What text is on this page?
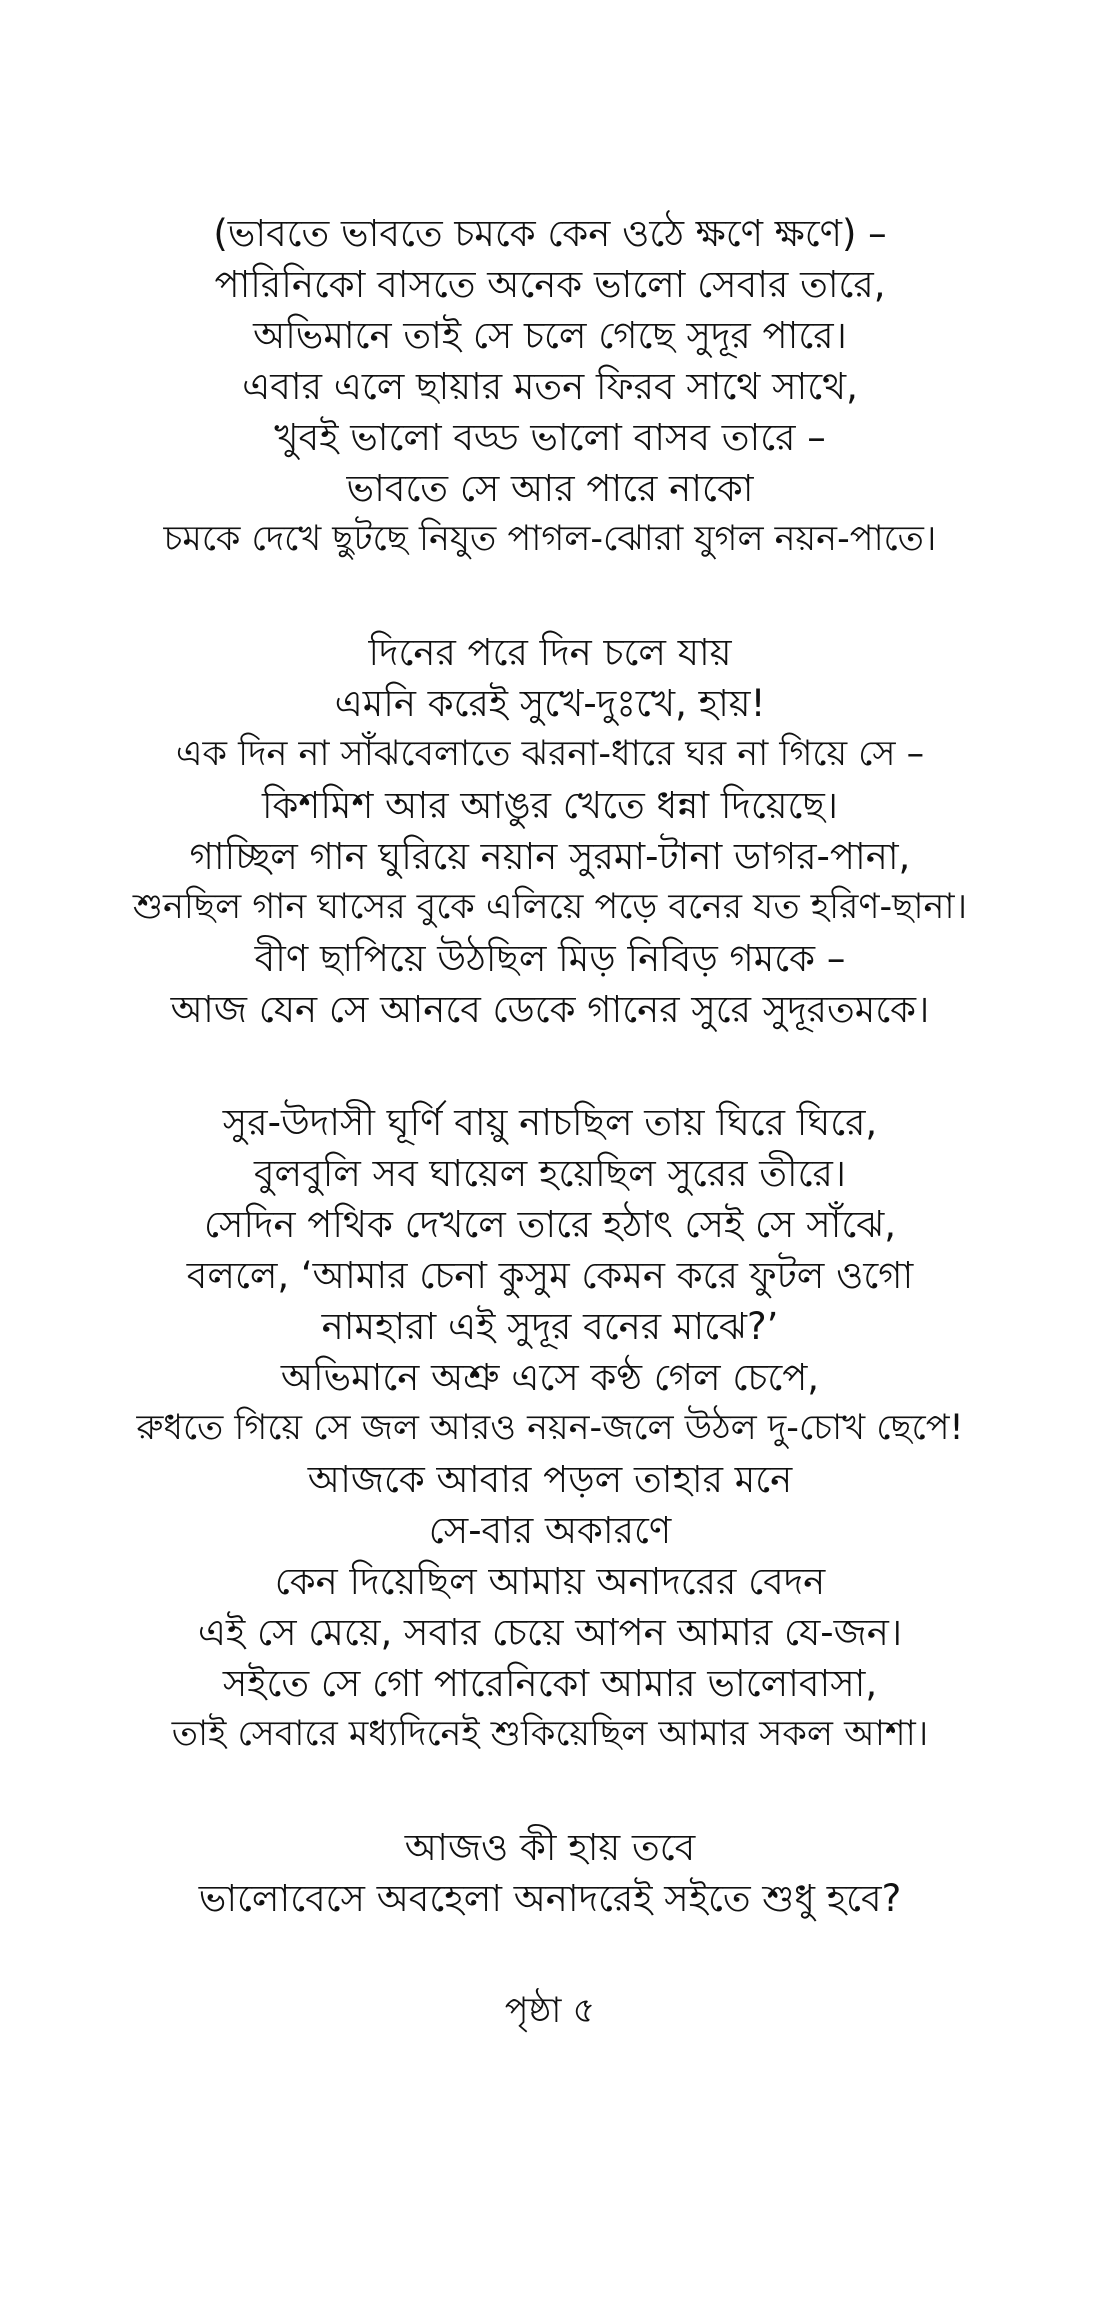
(ভাবতে ভাবতে চমকে কেন ওঠে ক্ষণে ক্ষণে) –
পারিনিকো বাসতে অনেক ভালো সেবার তারে,
অভিমানে তাই সে চলে গেছে সুদূর পারে।
এবার এলে ছায়ার মতন ফিরব সাথে সাথে,
খুবই ভালো বড্ড ভালো বাসব তারে –
ভাবতে সে আর পারে নাকো
চমকে দেখে ছুটছে নিযুত পাগল-ঝোরা যুগল নয়ন-পাতে।
দিনের পরে দিন চলে যায়
এমনি করেই সুখে-দুঃখে, হায়!
এক দিন না সাঁঝবেলাতে ঝরনা-ধারে ঘর না গিয়ে সে –
কিশমিশ আর আঙুর খেতে ধন্না দিয়েছে।
গাচ্ছিল গান ঘুরিয়ে নয়ান সুরমা-টানা ডাগর-পানা,
শুনছিল গান ঘাসের বুকে এলিয়ে পড়ে বনের যত হরিণ-ছানা।
বীণ ছাপিয়ে উঠছিল মিড় নিবিড় গমকে –
আজ যেন সে আনবে ডেকে গানের সুরে সুদূরতমকে।
সুর-উদাসী ঘূর্ণি বায়ু নাচছিল তায় ঘিরে ঘিরে,
বুলবুলি সব ঘায়েল হয়েছিল সুরের তীরে।
সেদিন পথিক দেখলে তারে হঠাৎ সেই সে সাঁঝে,
বললে, ‘আমার চেনা কুসুম কেমন করে ফুটল ওগো
নামহারা এই সুদূর বনের মাঝে?’
অভিমানে অশ্রু এসে কণ্ঠ গেল চেপে,
রুধতে গিয়ে সে জল আরও নয়ন-জলে উঠল দু-চোখ ছেপে!
আজকে আবার পড়ল তাহার মনে
সে-বার অকারণে
কেন দিয়েছিল আমায় অনাদরের বেদন
এই সে মেয়ে, সবার চেয়ে আপন আমার যে-জন।
সইতে সে গো পারেনিকো আমার ভালোবাসা,
তাই সেবারে মধ্যদিনেই শুকিয়েছিল আমার সকল আশা।
আজও কী হায় তবে
ভালোবেসে অবহেলা অনাদরেই সইতে শুধু হবে?
পৃষ্ঠা ৫
